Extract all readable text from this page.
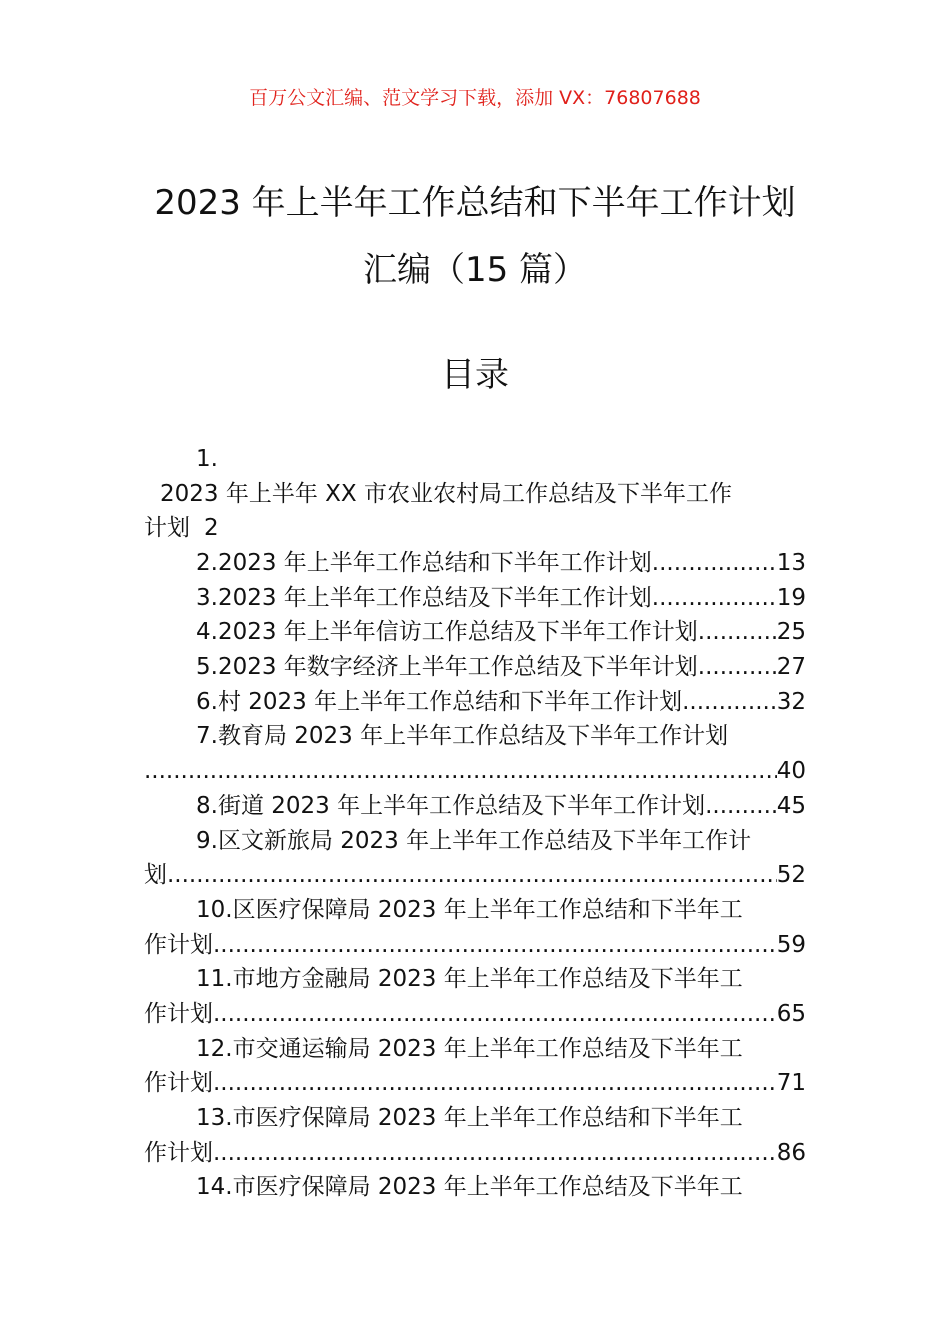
百万公文汇编、范文学习下载，添加 VX：76807688
2023 年上半年工作总结和下半年工作计划
汇编（15 篇）
目录
1.
2023 年上半年 XX 市农业农村局工作总结及下半年工作
计划 2
2.2023 年上半年工作总结和下半年工作计划 .....	13
3.2023 年上半年工作总结及下半年工作计划 .....	19
4.2023 年上半年信访工作总结及下半年工作计划. .....	25
5.2023 年数字经济上半年工作总结及下半年计划. .....	27
6.村 2023 年上半年工作总结和下半年工作计划 .....	32
7.教育局 2023 年上半年工作总结及下半年工作计划
.....
40
8.街道 2023 年上半年工作总结及下半年工作计划. .....	45
9.区文新旅局 2023 年上半年工作总结及下半年工作计
划 .....	52
10.区医疗保障局 2023 年上半年工作总结和下半年工
作计划 .....	59
11.市地方金融局 2023 年上半年工作总结及下半年工
作计划 .....	65
12.市交通运输局 2023 年上半年工作总结及下半年工
作计划 .....	71
13.市医疗保障局 2023 年上半年工作总结和下半年工
作计划 .....	86
14.市医疗保障局 2023 年上半年工作总结及下半年工
